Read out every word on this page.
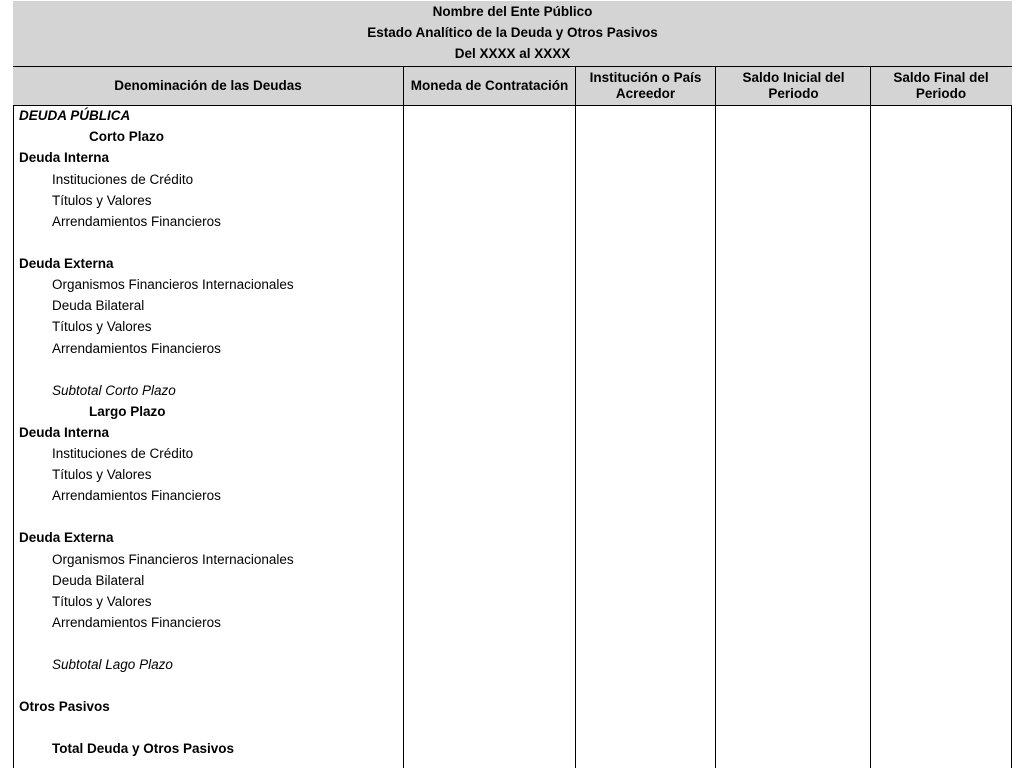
Nombre del Ente Público
Estado Analítico de la Deuda y Otros Pasivos
Del XXXX al XXXX
Denominación de las Deudas	Moneda de Contratación
Institución o País Acreedor
Saldo Inicial del Periodo
Saldo Final del Periodo
DEUDA PÚBLICA
Corto Plazo
Deuda Interna
Instituciones de Crédito
Títulos y Valores
Arrendamientos Financieros
Deuda Externa
Organismos Financieros Internacionales
Deuda Bilateral
Títulos y Valores
Arrendamientos Financieros
Subtotal Corto Plazo
Largo Plazo
Deuda Interna
Instituciones de Crédito
Títulos y Valores
Arrendamientos Financieros
Deuda Externa
Organismos Financieros Internacionales
Deuda Bilateral
Títulos y Valores
Arrendamientos Financieros
Subtotal Lago Plazo
Otros Pasivos
Total Deuda y Otros Pasivos
